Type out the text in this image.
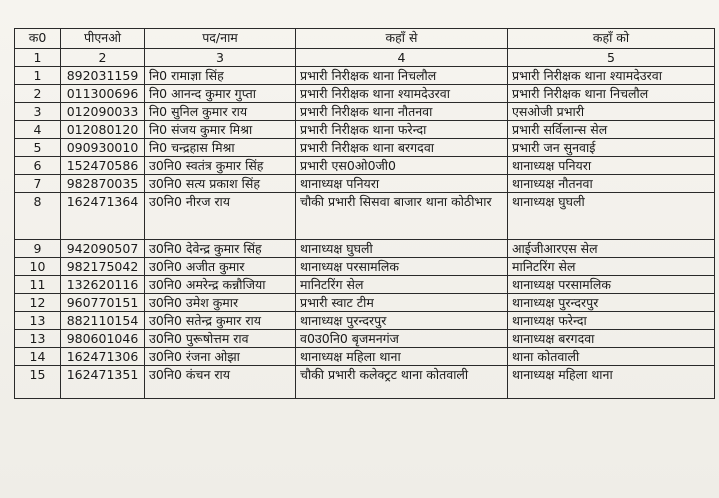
क0	पीएनओ	पद/नाम	कहाँ से	कहाँ को
1	2	3	4	5
1	892031159	नि0 रामाज्ञा सिंह	प्रभारी निरीक्षक थाना निचलौल	प्रभारी निरीक्षक थाना श्यामदेउरवा
2	011300696	नि0 आनन्द कुमार गुप्ता	प्रभारी निरीक्षक थाना श्यामदेउरवा	प्रभारी निरीक्षक थाना निचलौल
3	012090033	नि0 सुनिल कुमार राय	प्रभारी निरीक्षक थाना नौतनवा	एसओजी प्रभारी
4	012080120	नि0 संजय कुमार मिश्रा	प्रभारी निरीक्षक थाना फरेन्दा	प्रभारी सर्विलान्स सेल
5	090930010	नि0 चन्द्रहास मिश्रा	प्रभारी निरीक्षक थाना बरगदवा	प्रभारी जन सुनवाई
6	152470586	उ0नि0 स्वतंत्र कुमार सिंह	प्रभारी एस0ओ0जी0	थानाध्यक्ष पनियरा
7	982870035	उ0नि0 सत्य प्रकाश सिंह	थानाध्यक्ष पनियरा	थानाध्यक्ष नौतनवा
8	162471364	उ0नि0 नीरज राय	चौकी प्रभारी सिसवा बाजार थाना कोठीभार	थानाध्यक्ष घुघली
9	942090507	उ0नि0 देवेन्द्र कुमार सिंह	थानाध्यक्ष घुघली	आईजीआरएस सेल
10	982175042	उ0नि0 अजीत कुमार	थानाध्यक्ष परसामलिक	मानिटरिंग सेल
11	132620116	उ0नि0 अमरेन्द्र कन्नौजिया	मानिटरिंग सेल	थानाध्यक्ष परसामलिक
12	960770151	उ0नि0 उमेश कुमार	प्रभारी स्वाट टीम	थानाध्यक्ष पुरन्दरपुर
13	882110154	उ0नि0 सतेन्द्र कुमार राय	थानाध्यक्ष पुरन्दरपुर	थानाध्यक्ष फरेन्दा
13	980601046	उ0नि0 पुरूषोत्तम राव	व0उ0नि0 बृजमनगंज	थानाध्यक्ष बरगदवा
14	162471306	उ0नि0 रंजना ओझा	थानाध्यक्ष महिला थाना	थाना कोतवाली
15	162471351	उ0नि0 कंचन राय	चौकी प्रभारी कलेक्ट्रट थाना कोतवाली	थानाध्यक्ष महिला थाना
